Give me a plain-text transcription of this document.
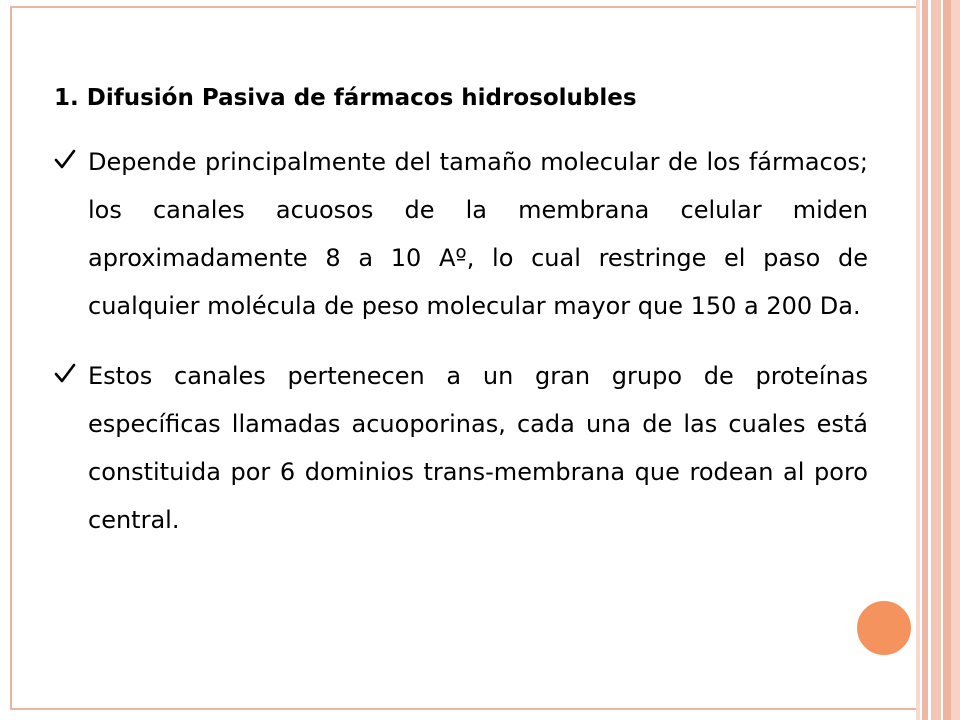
1. Difusión Pasiva de fármacos hidrosolubles

Depende principalmente del tamaño molecular de los fármacos; los canales acuosos de la membrana celular miden aproximadamente 8 a 10 Aº, lo cual restringe el paso de cualquier molécula de peso molecular mayor que 150 a 200 Da.

Estos canales pertenecen a un gran grupo de proteínas específicas llamadas acuoporinas, cada una de las cuales está constituida por 6 dominios trans-membrana que rodean al poro central.
